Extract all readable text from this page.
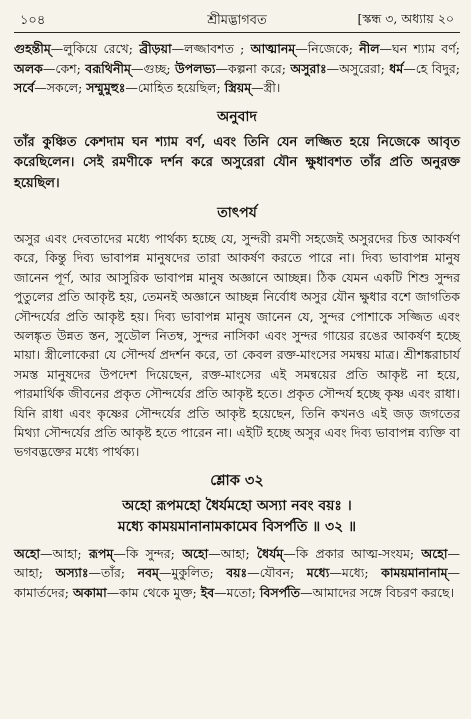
১০৪	শ্রীমদ্ভাগবত	[স্কন্ধ ৩, অধ্যায় ২০

গুহন্তীম্—লুকিয়ে রেখে; ব্রীড়য়া—লজ্জাবশত ; আত্মানম্—নিজেকে; নীল—ঘন শ্যাম বর্ণ; অলক—কেশ; বরূথিনীম্—গুচ্ছ; উপলভ্য—কল্পনা করে; অসুরাঃ—অসুরেরা; ধর্ম—হে বিদুর; সর্বে—সকলে; সম্মুমুহুঃ—মোহিত হয়েছিল; স্ত্রিয়ম্—স্ত্রী।

অনুবাদ

তাঁর কুঞ্চিত কেশদাম ঘন শ্যাম বর্ণ, এবং তিনি যেন লজ্জিত হয়ে নিজেকে আবৃত করেছিলেন। সেই রমণীকে দর্শন করে অসুরেরা যৌন ক্ষুধাবশত তাঁর প্রতি অনুরক্ত হয়েছিল।

তাৎপর্য

অসুর এবং দেবতাদের মধ্যে পার্থক্য হচ্ছে যে, সুন্দরী রমণী সহজেই অসুরদের চিত্ত আকর্ষণ করে, কিন্তু দিব্য ভাবাপন্ন মানুষদের তারা আকর্ষণ করতে পারে না। দিব্য ভাবাপন্ন মানুষ জানেন পূর্ণ, আর আসুরিক ভাবাপন্ন মানুষ অজ্ঞানে আচ্ছন্ন। ঠিক যেমন একটি শিশু সুন্দর পুতুলের প্রতি আকৃষ্ট হয়, তেমনই অজ্ঞানে আচ্ছন্ন নির্বোধ অসুর যৌন ক্ষুধার বশে জাগতিক সৌন্দর্যের প্রতি আকৃষ্ট হয়। দিব্য ভাবাপন্ন মানুষ জানেন যে, সুন্দর পোশাকে সজ্জিত এবং অলঙ্কৃত উন্নত স্তন, সুডৌল নিতম্ব, সুন্দর নাসিকা এবং সুন্দর গায়ের রঙের আকর্ষণ হচ্ছে মায়া। স্ত্রীলোকেরা যে সৌন্দর্য প্রদর্শন করে, তা কেবল রক্ত-মাংসের সমন্বয় মাত্র। শ্রীশঙ্করাচার্য সমস্ত মানুষদের উপদেশ দিয়েছেন, রক্ত-মাংসের এই সমন্বয়ের প্রতি আকৃষ্ট না হয়ে, পারমার্থিক জীবনের প্রকৃত সৌন্দর্যের প্রতি আকৃষ্ট হতে। প্রকৃত সৌন্দর্য হচ্ছে কৃষ্ণ এবং রাধা। যিনি রাধা এবং কৃষ্ণের সৌন্দর্যের প্রতি আকৃষ্ট হয়েছেন, তিনি কখনও এই জড় জগতের মিথ্যা সৌন্দর্যের প্রতি আকৃষ্ট হতে পারেন না। এইটি হচ্ছে অসুর এবং দিব্য ভাবাপন্ন ব্যক্তি বা ভগবদ্ভক্তের মধ্যে পার্থক্য।

শ্লোক ৩২
অহো রূপমহো ধৈর্যমহো অস্যা নবং বয়ঃ ।
মধ্যে কাময়মানানামকামেব বিসর্পতি ॥ ৩২ ॥

অহো—আহা; রূপম্—কি সুন্দর; অহো—আহা; ধৈর্যম্—কি প্রকার আত্ম-সংযম; অহো—আহা; অস্যাঃ—তাঁর; নবম্—মুকুলিত; বয়ঃ—যৌবন; মধ্যে—মধ্যে; কাময়মানানাম্—কামার্তদের; অকামা—কাম থেকে মুক্ত; ইব—মতো; বিসর্পতি—আমাদের সঙ্গে বিচরণ করছে।
